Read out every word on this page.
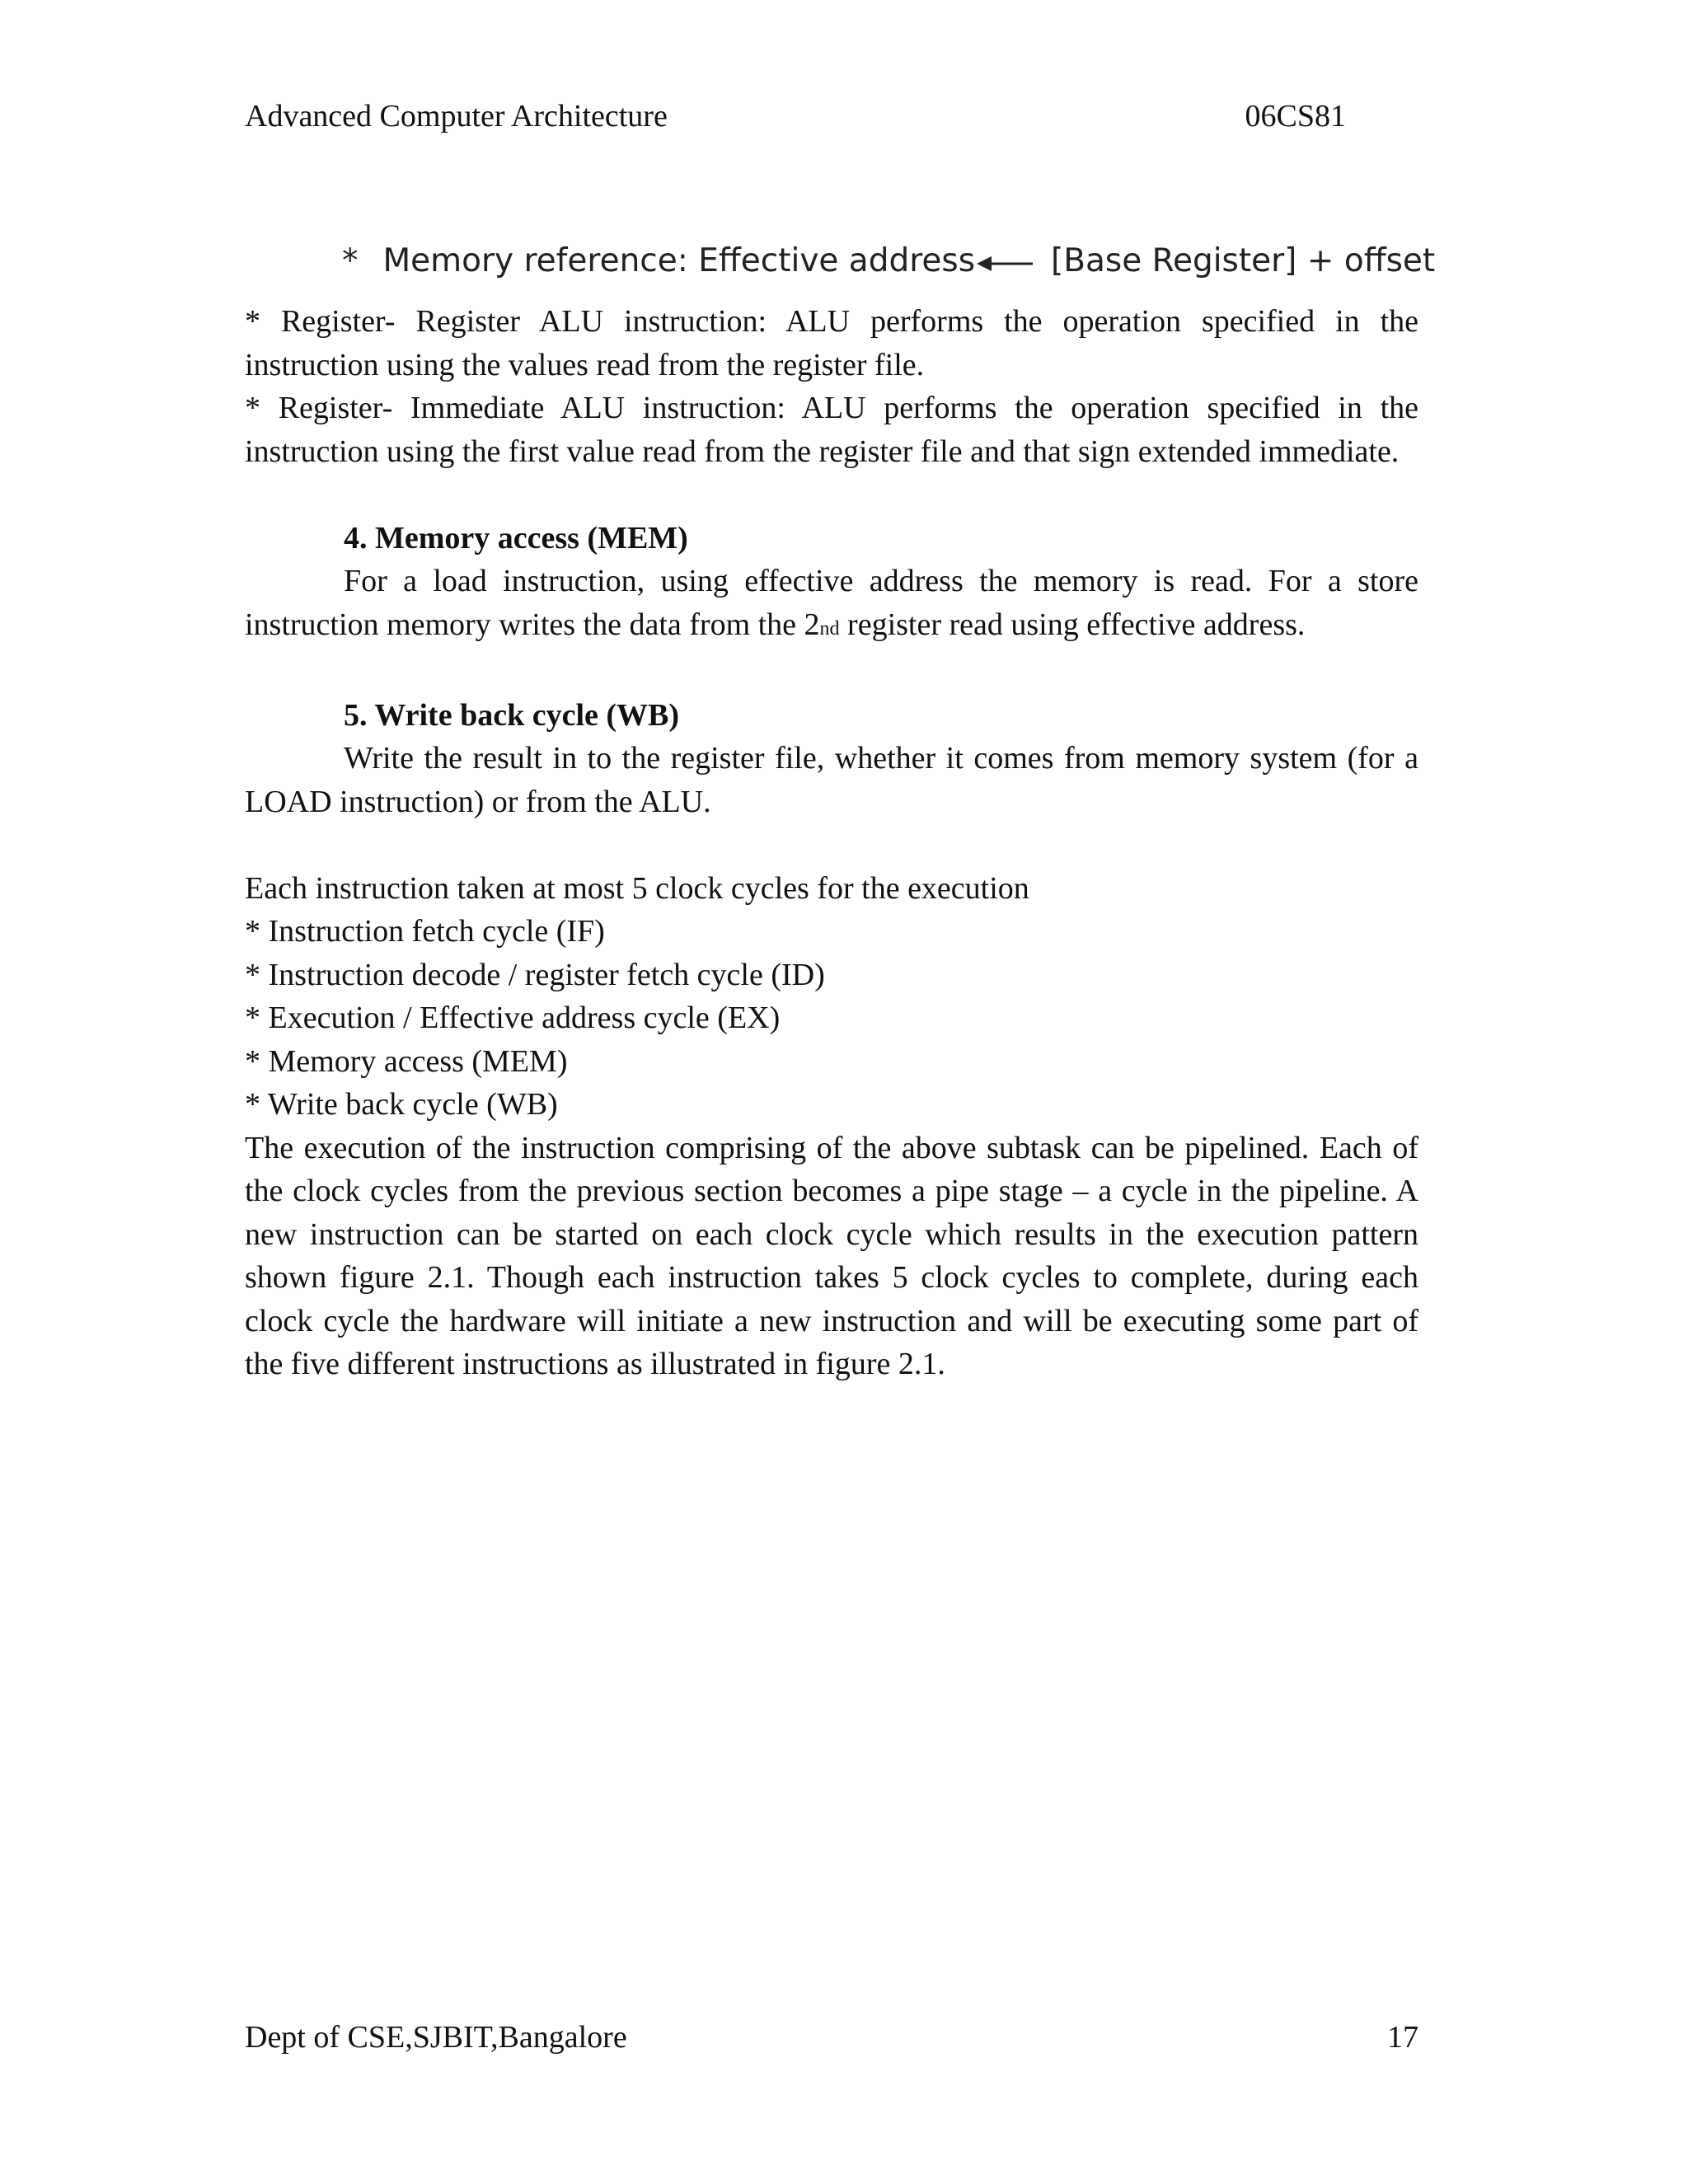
Advanced Computer Architecture	06CS81
* Memory reference: Effective address [Base Register] + offset

* Register- Register ALU instruction: ALU performs the operation specified in the instruction using the values read from the register file.

* Register- Immediate ALU instruction: ALU performs the operation specified in the instruction using the first value read from the register file and that sign extended immediate.

4. Memory access (MEM)

For a load instruction, using effective address the memory is read. For a store instruction memory writes the data from the 2nd register read using effective address.

5. Write back cycle (WB)

Write the result in to the register file, whether it comes from memory system (for a LOAD instruction) or from the ALU.

Each instruction taken at most 5 clock cycles for the execution

* Instruction fetch cycle (IF)

* Instruction decode / register fetch cycle (ID)

* Execution / Effective address cycle (EX)

* Memory access (MEM)

* Write back cycle (WB)

The execution of the instruction comprising of the above subtask can be pipelined. Each of the clock cycles from the previous section becomes a pipe stage – a cycle in the pipeline. A new instruction can be started on each clock cycle which results in the execution pattern shown figure 2.1. Though each instruction takes 5 clock cycles to complete, during each clock cycle the hardware will initiate a new instruction and will be executing some part of the five different instructions as illustrated in figure 2.1.

Dept of CSE,SJBIT,Bangalore	17
